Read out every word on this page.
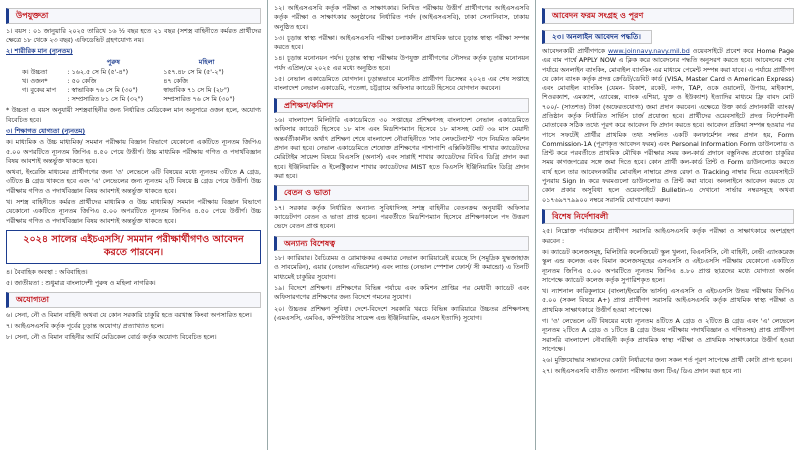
উপযুক্ততা

১। বয়স : ০১ জানুয়ারি ২০২৫ তারিখে ১৬ ½ বছর হতে ২১ বছর (সশস্ত্র বাহিনীতে কর্মরত প্রার্থীদের ক্ষেত্রে ১৮ থেকে ২৩ বছর) এফিডেভিট গ্রহণযোগ্য নয়।

২। শারীরিক মান (ন্যূনতম)
	পুরুষ	মহিলা
ক। উচ্চতা	: ১৬২.৫ সে মি (৫'-৪")	১৫৭.৪৮ সে মি (৫'-২")
খ। ওজন*	: ৫০ কেজি	৪৭ কেজি
গ। বুকের মাপ	: স্বাভাবিক ৭৬ সে মি (৩০")	স্বাভাবিক ৭১ সে মি (২৮")
	: সম্প্রসারিত ৮১ সে মি (৩২")	সম্প্রসারিত ৭৬ সে মি (৩০")

* উচ্চতা ও বয়স অনুযায়ী সশস্ত্রবাহিনীর জন্য নির্ধারিত মেডিকেল মান অনুসারে ওজন হলে, অযোগ্য বিবেচিত হবে।

৩। শিক্ষাগত যোগ্যতা (ন্যূনতম)

ক। মাধ্যমিক ও উচ্চ মাধ্যমিক/ সমমান পরীক্ষায় বিজ্ঞান বিভাগে যেকোনো একটিতে ন্যূনতম জিপিএ ৫.০০ অপরটিতে ন্যূনতম জিপিএ ৪.৫০ পেয়ে উত্তীর্ণ। উচ্চ মাধ্যমিক পরীক্ষায় গণিত ও পদার্থবিজ্ঞান বিষয় আবশ্যই অন্তর্ভুক্ত থাকতে হবে।

অথবা, ইংরেজি মাধ্যমের প্রার্থীগণের জন্য 'ও' লেভেলে ৬টি বিষয়ের মধ্যে ন্যূনতম ৩টিতে A গ্রেড, ৩টিতে B গ্রেড থাকতে হবে এবং 'এ' লেভেলের জন্য ন্যূনতম ২টি বিষয়ে B গ্রেড পেয়ে উত্তীর্ণ। উচ্চ পরীক্ষায় গণিত ও পদার্থবিজ্ঞান বিষয় আবশ্যই অন্তর্ভুক্ত থাকতে হবে।

খ। সশস্ত্র বাহিনীতে কর্মরত প্রার্থীদের মাধ্যমিক ও উচ্চ মাধ্যমিক/ সমমান পরীক্ষায় বিজ্ঞান বিভাগে যেকোনো একটিতে ন্যূনতম জিপিএ ৫.০০ অপরটিতে ন্যূনতম জিপিএ ৪.৫০ পেয়ে উত্তীর্ণ। উচ্চ পরীক্ষায় গণিত ও পদার্থবিজ্ঞান বিষয় আবশ্যই অন্তর্ভুক্ত থাকতে হবে।

২০২৪ সালের এইচএসসি/ সমমান পরীক্ষার্থীগণও আবেদন করতে পারবেন।

৪। বৈবাহিক অবস্থা : অবিবাহিত।

৫। জাতীয়তা : শুধুমাত্র বাংলাদেশী পুরুষ ও মহিলা নাগরিক।

অযোগ্যতা

৬। সেনা, নৌ ও বিমান বাহিনী অথবা যে কোন সরকারি চাকুরি হতে বরখাস্ত কিংবা অপসারিত হলে।

৭। আইএসএসবি কর্তৃক পূর্বের চূড়ান্ত অযোগ্য/ প্রত্যাখ্যাত হলে।

৮। সেনা, নৌ ও বিমান বাহিনীর আর্মি মেডিকেল বোর্ড কর্তৃক অযোগ্য বিবেচিত হলে।

১২। আইএসএসবি কর্তৃক পরীক্ষা ও সাক্ষাৎকার। লিখিত পরীক্ষায় উত্তীর্ণ প্রার্থীগণের আইএসএসবি কর্তৃক পরীক্ষা ও সাক্ষাৎকার অনুষ্ঠানের নির্ধারিত পর্যদ (আইএসএসবি), ঢাকা সেনানিবাস, ঢাকায় অনুষ্ঠিত হবে।

১৩। চূড়ান্ত স্বাস্থ্য পরীক্ষা। আইএসএসবি পরীক্ষা চলাকালীন প্রাথমিক ভাবে চূড়ান্ত স্বাস্থ্য পরীক্ষা সম্পন্ন করতে হবে।

১৪। চূড়ান্ত মনোনয়ন পর্যদ। চূড়ান্ত স্বাস্থ্য পরীক্ষায় উপযুক্ত প্রার্থীগণের নৌসদর কর্তৃক চূড়ান্ত মনোনয়ন পর্যদ এপ্রিল/মে ২০২৫ এর মধ্যে অনুষ্ঠিত হবে।

১৫। নেভাল একাডেমিতে যোগদান। চূড়ান্তভাবে মনোনীত প্রার্থীগণ ডিসেম্বর ২০২৪ এর শেষ সপ্তাহে বাংলাদেশ নেভাল একাডেমি, পতেঙ্গা, চট্টগ্রামে অফিসার ক্যাডেট হিসেবে যোগদান করবেন।

প্রশিক্ষণ/কমিশন

১৬। বাংলাদেশ মিলিটারি একাডেমিতে ৩০ সপ্তাহের প্রশিক্ষণসহ বাংলাদেশ নেভাল একাডেমিতে অফিসার ক্যাডেট হিসেবে ১৮ মাস এবং মিডশিপম্যান হিসেবে ১৮ মাসসহ মোট ৩৬ মাস মেয়াদী অন্তর্বর্তীকালীন অর্থাৎ প্রশিক্ষণ শেষে বাংলাদেশ নৌবাহিনীতে 'সাব লেফটেন্যান্ট' পদে নিয়মিত কমিশন প্রদান করা হবে। নেভাল একাডেমিতে শেষোক্ত প্রশিক্ষণের পাশাপাশি এক্সিকিউটিভ শাখার ক্যাডেটদের মেরিটাইম সায়েন্স বিষয়ে বিএসসি (অনার্স) এবং সাপ্লাই শাখার ক্যাডেটদের বিবিএ ডিগ্রি প্রদান করা হবে। ইঞ্জিনিয়ারিং ও ইলেক্ট্রিক্যাল শাখার ক্যাডেটদের MIST হতে বিএসসি ইঞ্জিনিয়ারিং ডিগ্রি প্রদান করা হবে।

বেতন ও ভাতা

১৭। সরকার কর্তৃক নির্ধারিত অন্যান্য সুবিধাদিসহ সশস্ত্র বাহিনীর বেতনক্রম অনুযায়ী অফিসার ক্যাডেটগণ বেতন ও ভাতা প্রাপ্ত হবেন। পরবর্তীতে মিডশিপম্যান হিসেবে প্রশিক্ষণকালে পদ উত্তরণ ভেদে বেতন প্রাপ্ত হবেন।

অন্যান্য বিশেষত্ব

১৮। ক্যারিয়ার। বৈচিত্রময় ও রোমাঞ্চকর একমাত্র নেভাল ক্যারিয়ারেই রয়েছে সি (সমুদ্রিক যুদ্ধজাহাজ ও সাবমেরিন), এয়ার (নেভাল এভিয়েশন) এবং ল্যান্ড (নেভাল স্পেশাল ফোর্স/ সী কমান্ডো) এ তিনটি মাধ্যমেই চাকুরির সুযোগ।

১৯। বিদেশে প্রশিক্ষণ। প্রশিক্ষণের বিভিন্ন পর্যায়ে এবং কমিশন প্রাপ্তির পর মেধাবী ক্যাডেট এবং অফিসারগণের প্রশিক্ষণের জন্য বিদেশে গমনের সুযোগ।

২০। উচ্চতর প্রশিক্ষণ সুবিধা। দেশে-বিদেশে সরকারি খরচে বিভিন্ন ক্যারিয়ারে উচ্চতর প্রশিক্ষণসহ (এমএসসি, এমবিএ, কম্পিউটার সায়েন্স এন্ড ইঞ্জিনিয়ারিং, এমএস ইত্যাদি) সুযোগ।

আবেদন ফরম সংগ্রহ ও পূরণ
২৩। অনলাইন আবেদন পদ্ধতি।

আবেদনকারী প্রার্থীগণকে www.joinnavy.navy.mil.bd ওয়েবসাইটে প্রবেশ করে Home Page এর বাম পার্শ্বে APPLY NOW এ ক্লিক করে আবেদনের পদ্ধতি অনুসরণ করতে হবে। আবেদনের শেষ পর্যায়ে অনলাইন ব্যাংকিং, মোবাইল ব্যাংকিং এর মাধ্যমে পেমেন্ট সম্পন্ন করা যাবে। এ পর্যায়ে প্রার্থীগণ যে কোন ব্যাংক কর্তৃক প্রদত্ত ক্রেডিট/ডেবিট কার্ড (VISA, Master Card ও American Express) এবং মোবাইল ব্যাংকিং (যেমন- বিকাশ, রকেট, নগদ, TAP, ওকে ওয়ালেট, উপায়, মাইক্যাশ, শিওরক্যাশ, এমক্যাশ, এ্যাবেক্স, ব্যাংক এশিয়া, যুক্ত ও ইউক্যাশ) ইত্যাদির মাধ্যমে ফ্রি বাবদ মোট ৭০০/- (সাতশত) টাকা (অফেরতযোগ্য) জমা প্রদান করবেন। এক্ষেত্রে উক্ত কার্ড প্রদানকারী ব্যাংক/প্রতিষ্ঠান কর্তৃক নির্ধারিত সার্ভিস চার্জ প্রযোজ্য হবে। প্রার্থীদের ওয়েবসাইটে প্রদত্ত নির্দেশাবলী মোতাবেক সঠিক তথ্যে পূরণ করে আবেদন ফি প্রদান করতে হবে। আবেদন প্রক্রিয়া সম্পন্ন হওয়ার পর পাসে সফটেই প্রার্থীর প্রাথমিক তথ্য সম্বলিত একটি কনফার্মেশন নম্বর প্রদান হয়, Form Commission-1A (পূরণকৃত আবেদন ফরম) এবং Personal Information Form ডাউনলোড ও প্রিন্ট করে পরবর্তীতে প্রাথমিক মৌখিক পরীক্ষার সময় কল-কার্ড প্রদানে বস্তুনিবদ্ধ প্রযোজ্য চাকুরির সময় কাগজপত্রের সঙ্গে জমা দিতে হবে। কোন প্রার্থী কল-কার্ড প্রিন্ট ও Form ডাউনলোড করতে ব্যর্থ হলে তার আবেদনকারীর মোবাইল নাম্বারে প্রদত্ত রেফা ও Tracking নাম্বার দিয়ে ওয়েবসাইটে পুনরায় Sign In করে ফরমগুলো ডাউনলোড ও প্রিন্ট করা যাবে। অনলাইনে আবেদন করতে যে কোন প্রকার অসুবিধা হলে ওয়েবসাইটে Bulletin-এ দেখানো সার্ভার নম্বরসমূহে অথবা ০১৭৬৯৭৭৯৯০০ নম্বরে সরাসরি যোগাযোগ করুন।

বিশেষ নির্দেশাবলী

২৫। নিম্নোক্ত পর্যায়ক্রমে প্রার্থীগণ সরাসরি আইএসএসবি কর্তৃক পরীক্ষা ও সাক্ষাৎকারে অংশগ্রহণ করবেন :

ক। ক্যাডেট কলেজসমূহ, মিলিটারি কলেজিয়েট স্কুল খুলনা, বিএনসিসি, নৌ বাহিনী, নেভী এ্যাংকরেজ স্কুল এন্ড কলেজ এবং বিমান কলেজসমূহের এসএসসি ও এইচএসসি পরীক্ষায় যেকোনো একটিতে ন্যূনতম জিপিএ ৫.০০ অপরটিতে ন্যূনতম জিপিএ ৪.৮০ প্রাপ্ত ছাত্রদের মধ্যে যোগ্যতা অর্জন সাপেক্ষে ক্যাডেট কলেজ কর্তৃক সুপারিশকৃত হলে।

খ। ন্যাশনাল কারিকুলামে (বাংলা/ইংরেজি ভার্সন) এসএসসি ও এইচএসসি উভয় পরীক্ষায় জিপিএ ৫.০০ (সকল বিষয়ে A+) প্রাপ্ত প্রার্থীগণ সরাসরি আইএসএসবি কর্তৃক প্রাথমিক স্বাস্থ্য পরীক্ষা ও প্রাথমিক সাক্ষাৎকারে উত্তীর্ণ হওয়া সাপেক্ষে।

গ। 'ও' লেভেলে ৬টি বিষয়ের মধ্যে ন্যূনতম ৪টিতে A গ্রেড ও ২টিতে B গ্রেড এবং 'এ' লেভেলে ন্যূনতম ২টিতে A গ্রেড ও ১টিতে B গ্রেড উভয় পরীক্ষায় পদার্থবিজ্ঞান ও গণিতসহ) প্রাপ্ত প্রার্থীগণ সরাসরি বাংলাদেশ নৌবাহিনী কর্তৃক প্রাথমিক স্বাস্থ্য পরীক্ষা ও প্রাথমিক সাক্ষাৎকারে উত্তীর্ণ হওয়া সাপেক্ষে।

২৬। মুক্তিযোদ্ধার সন্তানদের কোটা নির্ধারণের জন্য সকল শর্ত পূরণ সাপেক্ষে প্রার্থী কোটা প্রাপ্য হবেন।

২৭। আইএসএসবি বাতীত অন্যান্য পরীক্ষায় জন্য টিএ/ ডিএ প্রদান করা হবে না।
